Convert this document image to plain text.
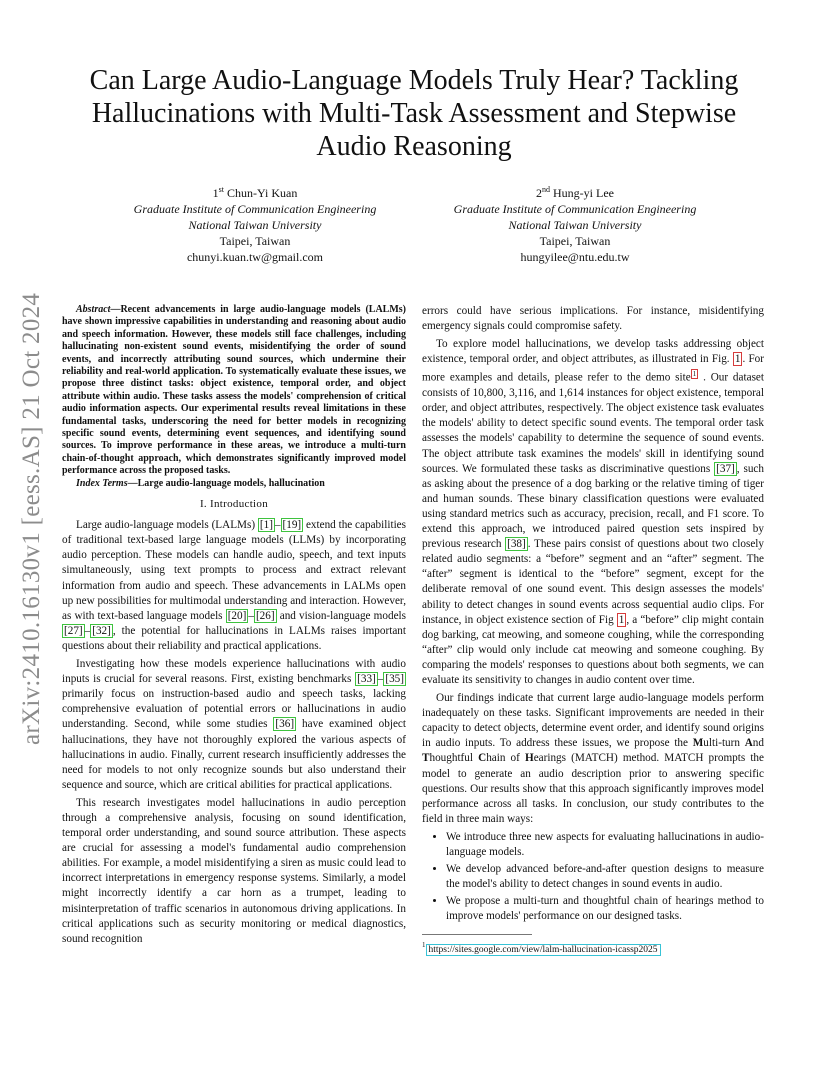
arXiv:2410.16130v1 [eess.AS] 21 Oct 2024
Can Large Audio-Language Models Truly Hear? Tackling Hallucinations with Multi-Task Assessment and Stepwise Audio Reasoning
1st Chun-Yi Kuan
Graduate Institute of Communication Engineering
National Taiwan University
Taipei, Taiwan
chunyi.kuan.tw@gmail.com
2nd Hung-yi Lee
Graduate Institute of Communication Engineering
National Taiwan University
Taipei, Taiwan
hungyilee@ntu.edu.tw

Abstract—Recent advancements in large audio-language models (LALMs) have shown impressive capabilities in understanding and reasoning about audio and speech information. However, these models still face challenges, including hallucinating non-existent sound events, misidentifying the order of sound events, and incorrectly attributing sound sources, which undermine their reliability and real-world application. To systematically evaluate these issues, we propose three distinct tasks: object existence, temporal order, and object attribute within audio. These tasks assess the models' comprehension of critical audio information aspects. Our experimental results reveal limitations in these fundamental tasks, underscoring the need for better models in recognizing specific sound events, determining event sequences, and identifying sound sources. To improve performance in these areas, we introduce a multi-turn chain-of-thought approach, which demonstrates significantly improved model performance across the proposed tasks.

Index Terms—Large audio-language models, hallucination

I. Introduction

Large audio-language models (LALMs) [1] – [19] extend the capabilities of traditional text-based large language models (LLMs) by incorporating audio perception. These models can handle audio, speech, and text inputs simultaneously, using text prompts to process and extract relevant information from audio and speech. These advancements in LALMs open up new possibilities for multimodal understanding and interaction. However, as with text-based language models [20] – [26] and vision-language models [27] – [32] , the potential for hallucinations in LALMs raises important questions about their reliability and practical applications.

Investigating how these models experience hallucinations with audio inputs is crucial for several reasons. First, existing benchmarks [33] – [35] primarily focus on instruction-based audio and speech tasks, lacking comprehensive evaluation of potential errors or hallucinations in audio understanding. Second, while some studies [36] have examined object hallucinations, they have not thoroughly explored the various aspects of hallucinations in audio. Finally, current research insufficiently addresses the need for models to not only recognize sounds but also understand their sequence and source, which are critical abilities for practical applications.

This research investigates model hallucinations in audio perception through a comprehensive analysis, focusing on sound identification, temporal order understanding, and sound source attribution. These aspects are crucial for assessing a model's fundamental audio comprehension abilities. For example, a model misidentifying a siren as music could lead to incorrect interpretations in emergency response systems. Similarly, a model might incorrectly identify a car horn as a trumpet, leading to misinterpretation of traffic scenarios in autonomous driving applications. In critical applications such as security monitoring or medical diagnostics, sound recognition

errors could have serious implications. For instance, misidentifying emergency signals could compromise safety.

To explore model hallucinations, we develop tasks addressing object existence, temporal order, and object attributes, as illustrated in Fig. 1 . For more examples and details, please refer to the demo site $^1$ . Our dataset consists of 10,800, 3,116, and 1,614 instances for object existence, temporal order, and object attributes, respectively. The object existence task evaluates the models' ability to detect specific sound events. The temporal order task assesses the models' capability to determine the sequence of sound events. The object attribute task examines the models' skill in identifying sound sources. We formulated these tasks as discriminative questions [37] , such as asking about the presence of a dog barking or the relative timing of tiger and human sounds. These binary classification questions were evaluated using standard metrics such as accuracy, precision, recall, and F1 score. To extend this approach, we introduced paired question sets inspired by previous research [38] . These pairs consist of questions about two closely related audio segments: a “before” segment and an “after” segment. The “after” segment is identical to the “before” segment, except for the deliberate removal of one sound event. This design assesses the models' ability to detect changes in sound events across sequential audio clips. For instance, in object existence section of Fig 1 , a “before” clip might contain dog barking, cat meowing, and someone coughing, while the corresponding “after” clip would only include cat meowing and someone coughing. By comparing the models' responses to questions about both segments, we can evaluate its sensitivity to changes in audio content over time.

Our findings indicate that current large audio-language models perform inadequately on these tasks. Significant improvements are needed in their capacity to detect objects, determine event order, and identify sound origins in audio inputs. To address these issues, we propose the Multi-turn And Thoughtful Chain of Hearings (MATCH) method. MATCH prompts the model to generate an audio description prior to answering specific questions. Our results show that this approach significantly improves model performance across all tasks. In conclusion, our study contributes to the field in three main ways:

• We introduce three new aspects for evaluating hallucinations in audio-language models.
• We develop advanced before-and-after question designs to measure the model's ability to detect changes in sound events in audio.
• We propose a multi-turn and thoughtful chain of hearings method to improve models' performance on our designed tasks.
$^1$ https://sites.google.com/view/lalm-hallucination-icassp2025
